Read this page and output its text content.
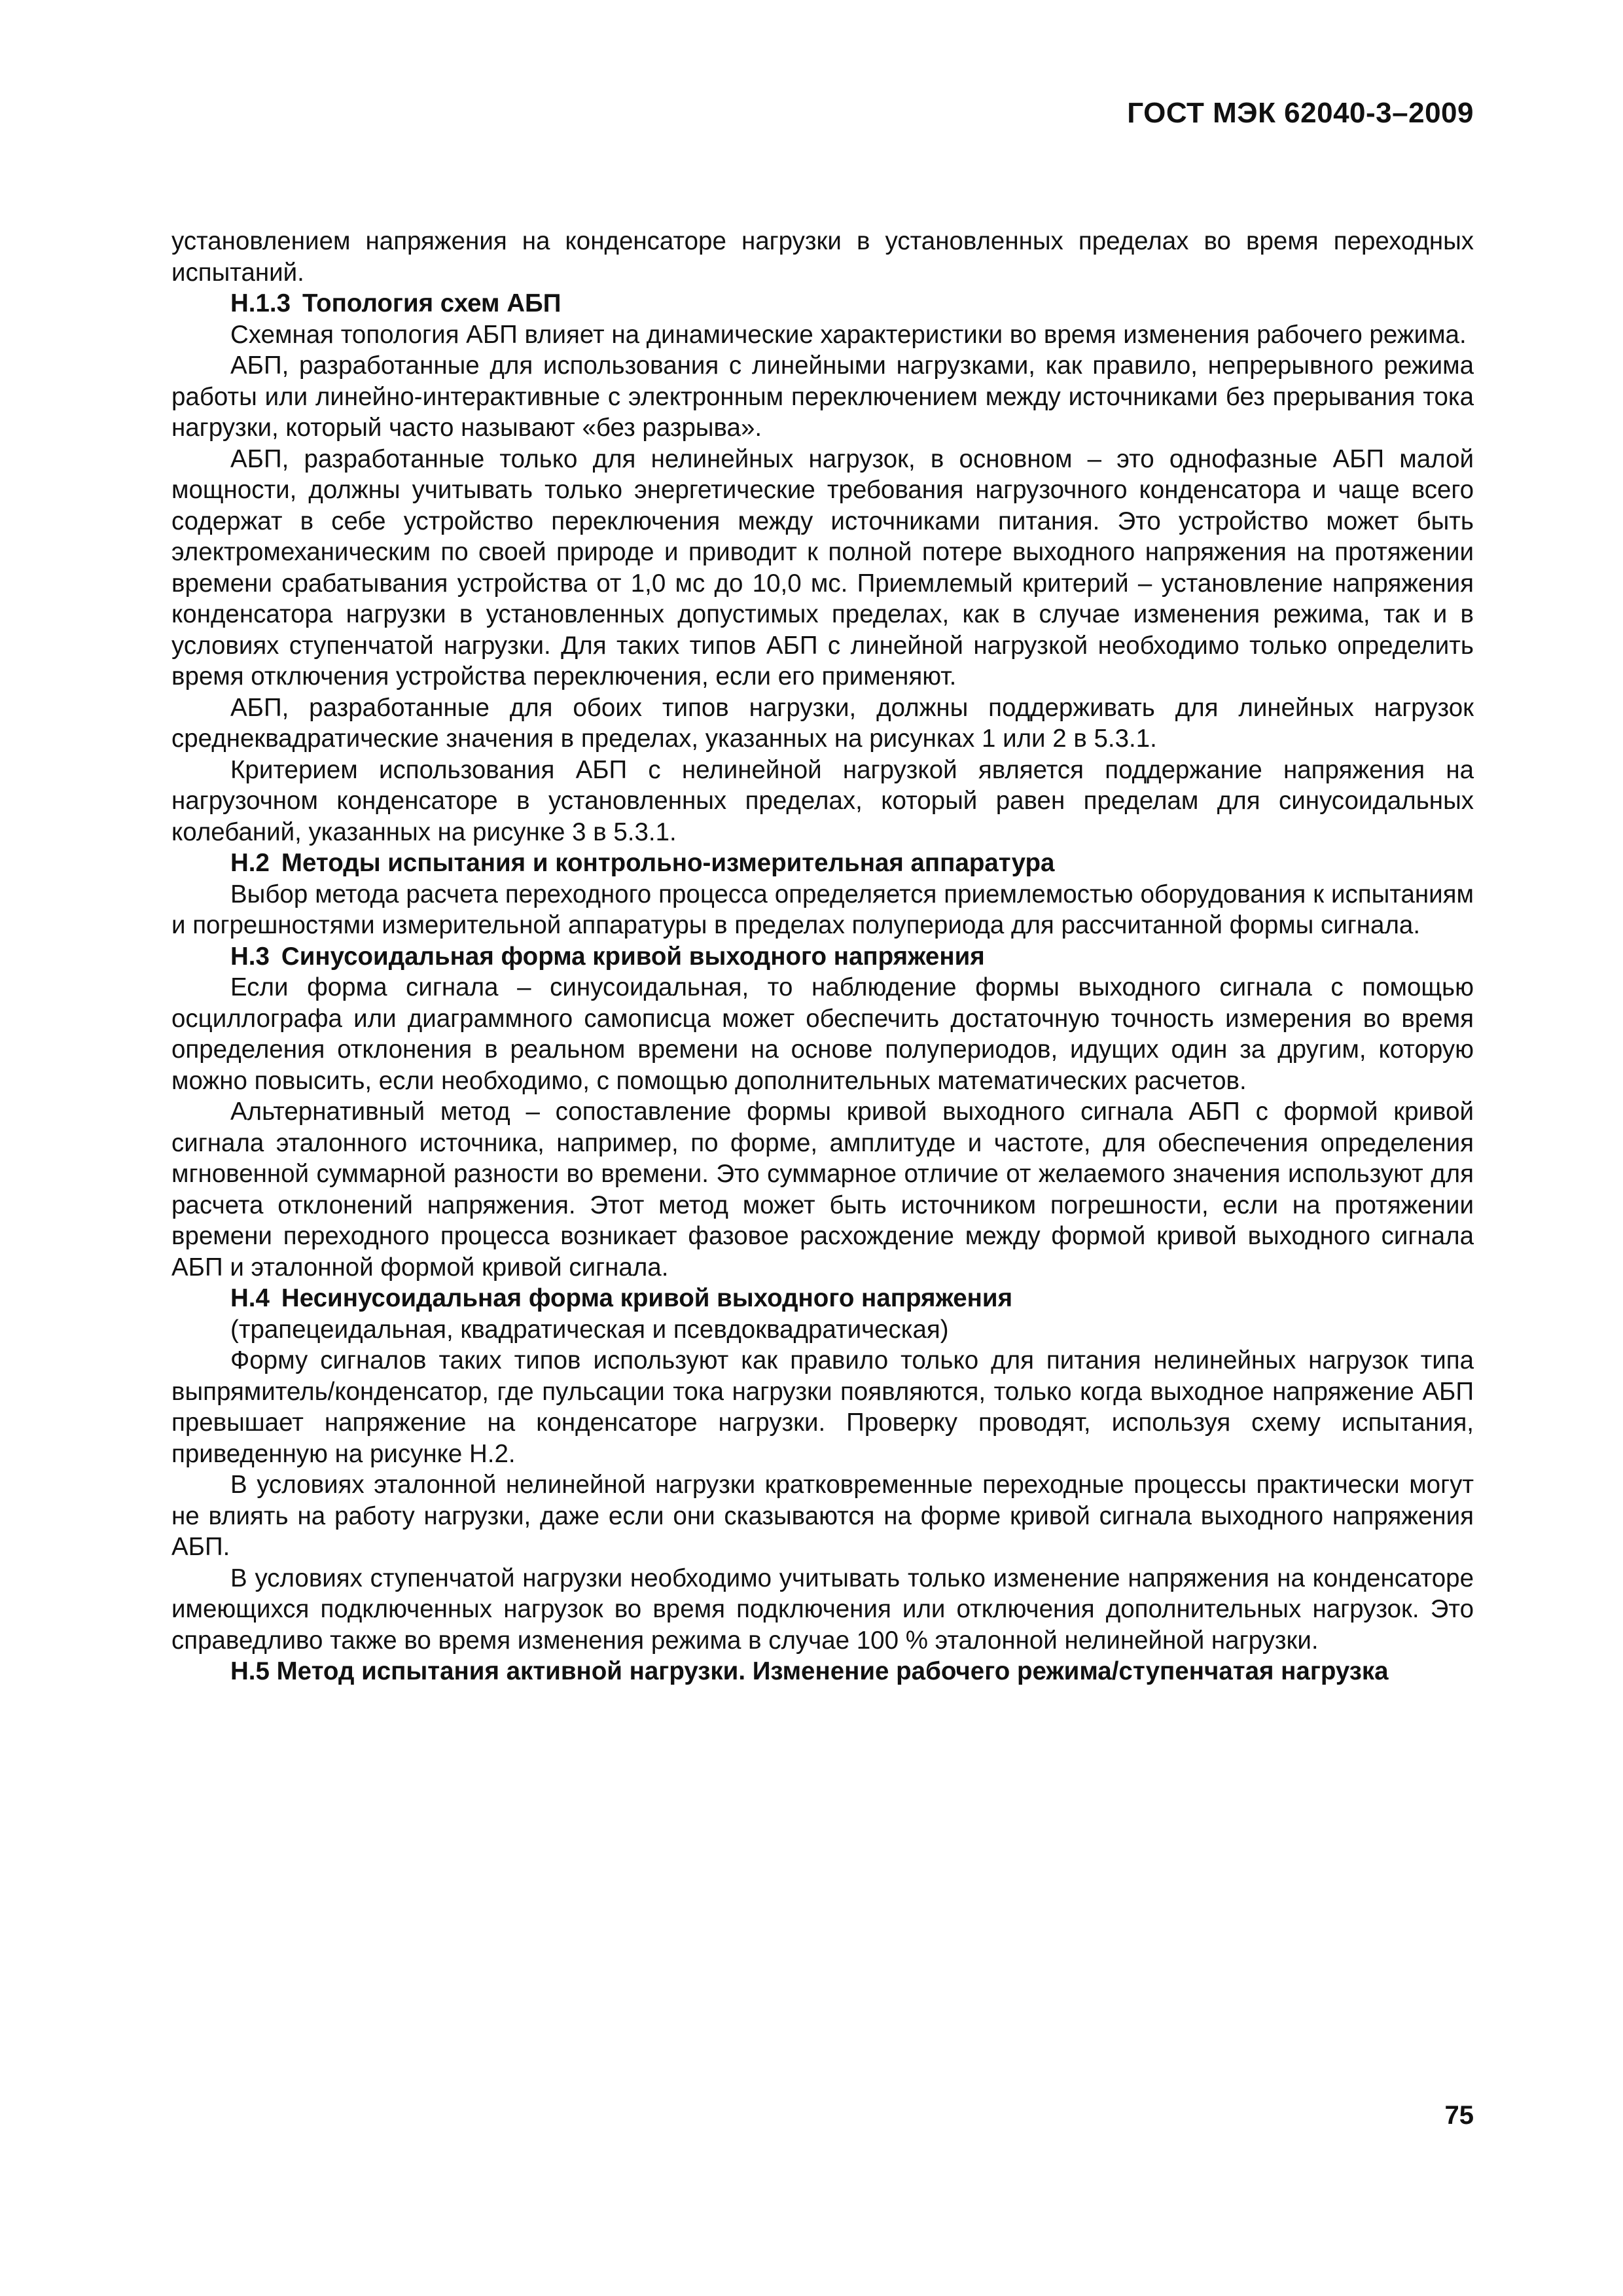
ГОСТ МЭК 62040-3–2009

установлением напряжения на конденсаторе нагрузки в установленных пределах во время переходных испытаний.

Н.1.3 Топология схем АБП

Схемная топология АБП влияет на динамические характеристики во время изменения рабочего режима.

АБП, разработанные для использования с линейными нагрузками, как правило, непрерывного режима работы или линейно-интерактивные с электронным переключением между источниками без прерывания тока нагрузки, который часто называют «без разрыва».

АБП, разработанные только для нелинейных нагрузок, в основном – это однофазные АБП малой мощности, должны учитывать только энергетические требования нагрузочного конденсатора и чаще всего содержат в себе устройство переключения между источниками питания. Это устройство может быть электромеханическим по своей природе и приводит к полной потере выходного напряжения на протяжении времени срабатывания устройства от 1,0 мс до 10,0 мс. Приемлемый критерий – установление напряжения конденсатора нагрузки в установленных допустимых пределах, как в случае изменения режима, так и в условиях ступенчатой нагрузки. Для таких типов АБП с линейной нагрузкой необходимо только определить время отключения устройства переключения, если его применяют.

АБП, разработанные для обоих типов нагрузки, должны поддерживать для линейных нагрузок среднеквадратические значения в пределах, указанных на рисунках 1 или 2 в 5.3.1.

Критерием использования АБП с нелинейной нагрузкой является поддержание напряжения на нагрузочном конденсаторе в установленных пределах, который равен пределам для синусоидальных колебаний, указанных на рисунке 3 в 5.3.1.

Н.2 Методы испытания и контрольно-измерительная аппаратура

Выбор метода расчета переходного процесса определяется приемлемостью оборудования к испытаниям и погрешностями измерительной аппаратуры в пределах полупериода для рассчитанной формы сигнала.

Н.3 Синусоидальная форма кривой выходного напряжения

Если форма сигнала – синусоидальная, то наблюдение формы выходного сигнала с помощью осциллографа или диаграммного самописца может обеспечить достаточную точность измерения во время определения отклонения в реальном времени на основе полупериодов, идущих один за другим, которую можно повысить, если необходимо, с помощью дополнительных математических расчетов.

Альтернативный метод – сопоставление формы кривой выходного сигнала АБП с формой кривой сигнала эталонного источника, например, по форме, амплитуде и частоте, для обеспечения определения мгновенной суммарной разности во времени. Это суммарное отличие от желаемого значения используют для расчета отклонений напряжения. Этот метод может быть источником погрешности, если на протяжении времени переходного процесса возникает фазовое расхождение между формой кривой выходного сигнала АБП и эталонной формой кривой сигнала.

Н.4 Несинусоидальная форма кривой выходного напряжения

(трапецеидальная, квадратическая и псевдоквадратическая)

Форму сигналов таких типов используют как правило только для питания нелинейных нагрузок типа выпрямитель/конденсатор, где пульсации тока нагрузки появляются, только когда выходное напряжение АБП превышает напряжение на конденсаторе нагрузки. Проверку проводят, используя схему испытания, приведенную на рисунке Н.2.

В условиях эталонной нелинейной нагрузки кратковременные переходные процессы практически могут не влиять на работу нагрузки, даже если они сказываются на форме кривой сигнала выходного напряжения АБП.

В условиях ступенчатой нагрузки необходимо учитывать только изменение напряжения на конденсаторе имеющихся подключенных нагрузок во время подключения или отключения дополнительных нагрузок. Это справедливо также во время изменения режима в случае 100 % эталонной нелинейной нагрузки.

Н.5 Метод испытания активной нагрузки. Изменение рабочего режима/ступенчатая нагрузка
75
